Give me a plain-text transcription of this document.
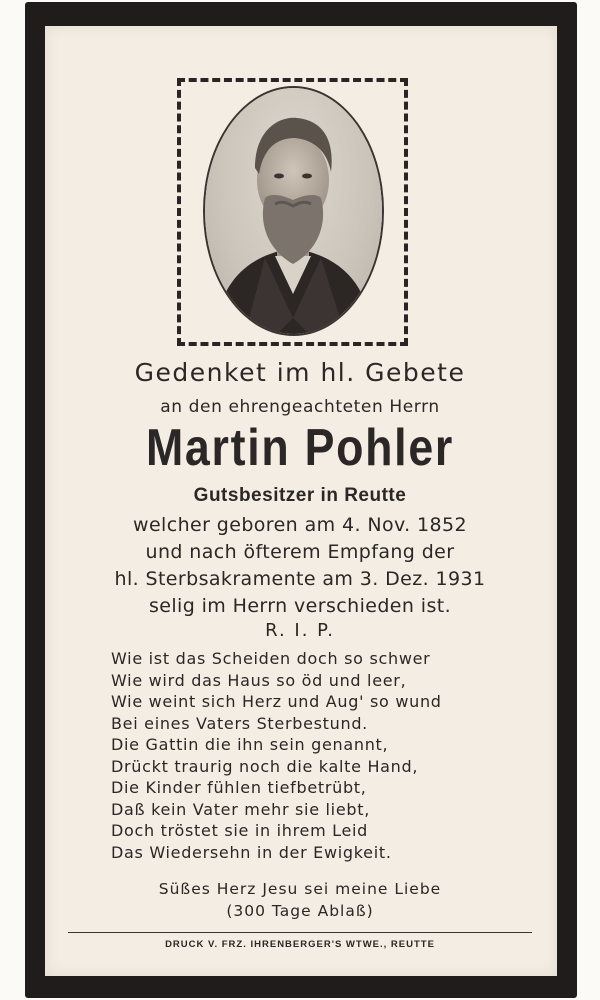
Gedenket im hl. Gebete
an den ehrengeachteten Herrn
Martin Pohler
Gutsbesitzer in Reutte
welcher geboren am 4. Nov. 1852
und nach öfterem Empfang der
hl. Sterbsakramente am 3. Dez. 1931
selig im Herrn verschieden ist.
R. I. P.
Wie ist das Scheiden doch so schwer
Wie wird das Haus so öd und leer,
Wie weint sich Herz und Aug' so wund
Bei eines Vaters Sterbestund.
Die Gattin die ihn sein genannt,
Drückt traurig noch die kalte Hand,
Die Kinder fühlen tiefbetrübt,
Daß kein Vater mehr sie liebt,
Doch tröstet sie in ihrem Leid
Das Wiedersehn in der Ewigkeit.
Süßes Herz Jesu sei meine Liebe
(300 Tage Ablaß)
DRUCK V. FRZ. IHRENBERGER'S WTWE., REUTTE
